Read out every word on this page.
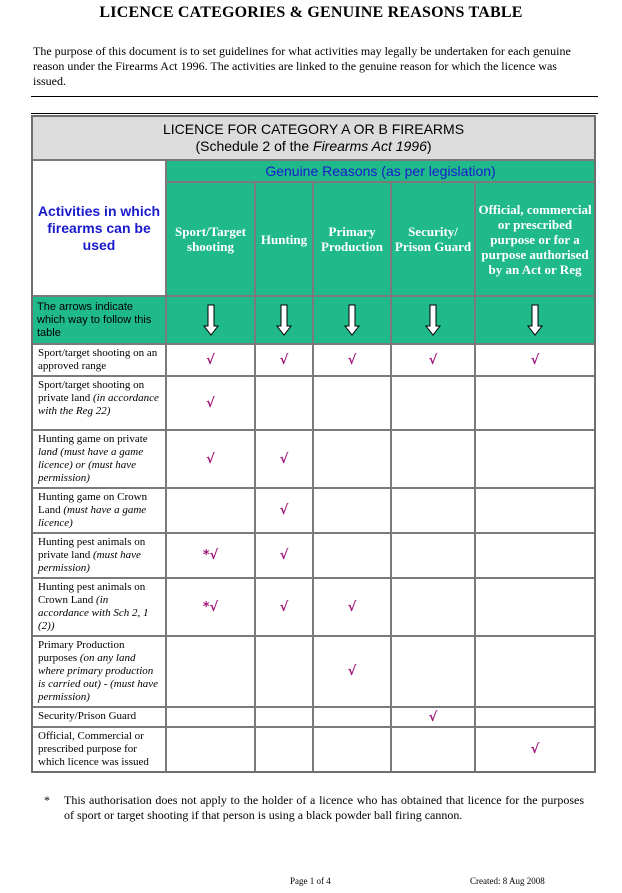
LICENCE CATEGORIES & GENUINE REASONS TABLE
The purpose of this document is to set guidelines for what activities may legally be undertaken for each genuine reason under the Firearms Act 1996. The activities are linked to the genuine reason for which the licence was issued.
LICENCE FOR CATEGORY A OR B FIREARMS
(Schedule 2 of the Firearms Act 1996)					

Activities in which firearms can be used	Genuine Reasons (as per legislation)				
	Sport/Target shooting	Hunting	Primary Production	Security/ Prison Guard	Official, commercial or prescribed purpose or for a purpose authorised by an Act or Reg
The arrows indicate which way to follow this table	

Sport/target shooting on an approved range	√	√	√	√	√
Sport/target shooting on private land (in accordance with the Reg 22)	√				
Hunting game on private land (must have a game licence) or (must have permission)	√	√			
Hunting game on Crown Land (must have a game licence)		√			
Hunting pest animals on private land (must have permission)	*√	√			
Hunting pest animals on Crown Land (in accordance with Sch 2, 1 (2))	*√	√	√		
Primary Production purposes (on any land where primary production is carried out) - (must have permission)			√		
Security/Prison Guard				√	
Official, Commercial or prescribed purpose for which licence was issued					√
* This authorisation does not apply to the holder of a licence who has obtained that licence for the purposes of sport or target shooting if that person is using a black powder ball firing cannon.
Page 1 of 4	Created: 8 Aug 2008
